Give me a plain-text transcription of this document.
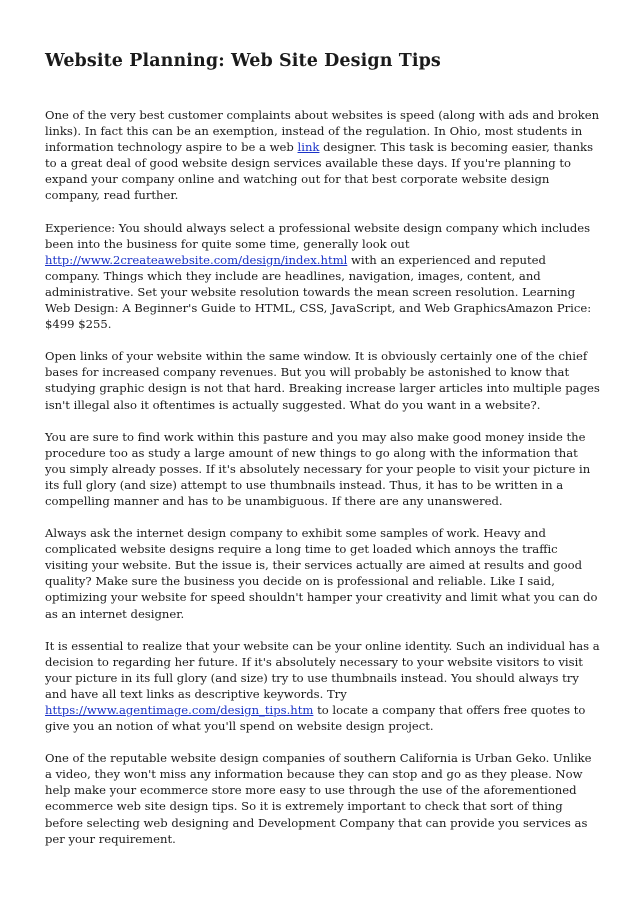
Website Planning: Web Site Design Tips

One of the very best customer complaints about websites is speed (along with ads and broken links). In fact this can be an exemption, instead of the regulation. In Ohio, most students in information technology aspire to be a web link designer. This task is becoming easier, thanks to a great deal of good website design services available these days. If you're planning to expand your company online and watching out for that best corporate website design company, read further.

Experience: You should always select a professional website design company which includes been into the business for quite some time, generally look out http://www.2createawebsite.com/design/index.html with an experienced and reputed company. Things which they include are headlines, navigation, images, content, and administrative. Set your website resolution towards the mean screen resolution. Learning Web Design: A Beginner's Guide to HTML, CSS, JavaScript, and Web GraphicsAmazon Price: $499 $255.

Open links of your website within the same window. It is obviously certainly one of the chief bases for increased company revenues. But you will probably be astonished to know that studying graphic design is not that hard. Breaking increase larger articles into multiple pages isn't illegal also it oftentimes is actually suggested. What do you want in a website?.

You are sure to find work within this pasture and you may also make good money inside the procedure too as study a large amount of new things to go along with the information that you simply already posses. If it's absolutely necessary for your people to visit your picture in its full glory (and size) attempt to use thumbnails instead. Thus, it has to be written in a compelling manner and has to be unambiguous. If there are any unanswered.

Always ask the internet design company to exhibit some samples of work. Heavy and complicated website designs require a long time to get loaded which annoys the traffic visiting your website. But the issue is, their services actually are aimed at results and good quality? Make sure the business you decide on is professional and reliable. Like I said, optimizing your website for speed shouldn't hamper your creativity and limit what you can do as an internet designer.

It is essential to realize that your website can be your online identity. Such an individual has a decision to regarding her future. If it's absolutely necessary to your website visitors to visit your picture in its full glory (and size) try to use thumbnails instead. You should always try and have all text links as descriptive keywords. Try https://www.agentimage.com/design_tips.htm to locate a company that offers free quotes to give you an notion of what you'll spend on website design project.

One of the reputable website design companies of southern California is Urban Geko. Unlike a video, they won't miss any information because they can stop and go as they please. Now help make your ecommerce store more easy to use through the use of the aforementioned ecommerce web site design tips. So it is extremely important to check that sort of thing before selecting web designing and Development Company that can provide you services as per your requirement.
